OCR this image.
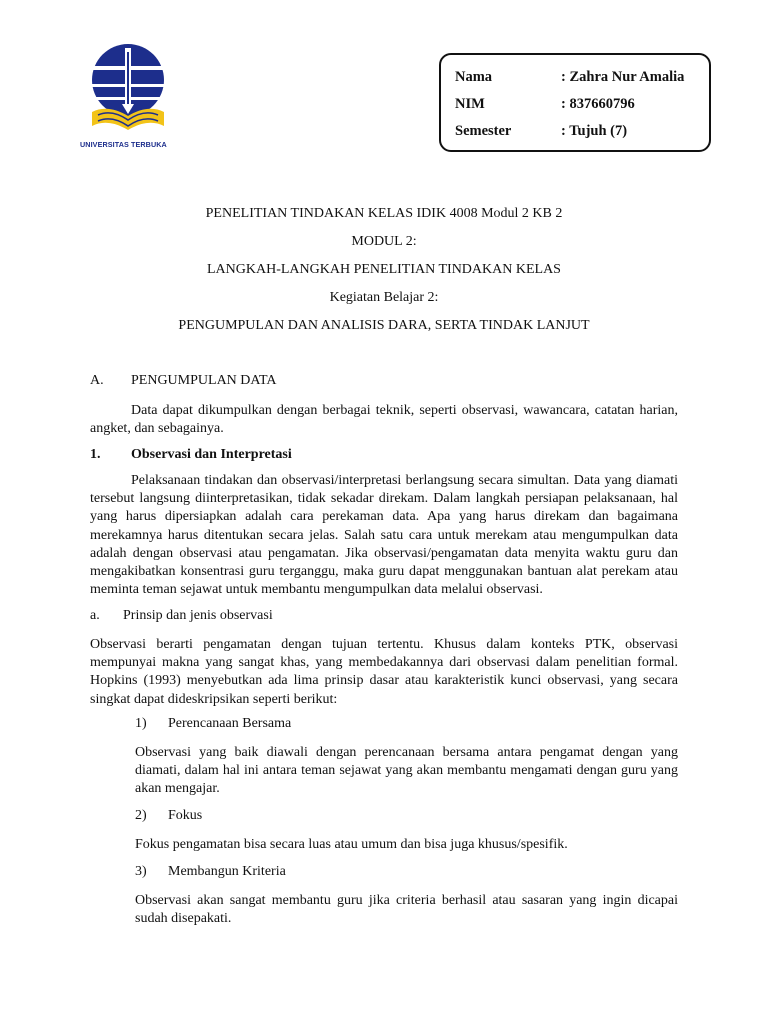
UNIVERSITAS TERBUKA
Nama	: Zahra Nur Amalia
NIM	: 837660796
Semester	: Tujuh (7)
PENELITIAN TINDAKAN KELAS IDIK 4008 Modul 2 KB 2
MODUL 2:
LANGKAH-LANGKAH PENELITIAN TINDAKAN KELAS
Kegiatan Belajar 2:
PENGUMPULAN DAN ANALISIS DARA, SERTA TINDAK LANJUT
A. PENGUMPULAN DATA

Data dapat dikumpulkan dengan berbagai teknik, seperti observasi, wawancara, catatan harian, angket, dan sebagainya.

1. Observasi dan Interpretasi

Pelaksanaan tindakan dan observasi/interpretasi berlangsung secara simultan. Data yang diamati tersebut langsung diinterpretasikan, tidak sekadar direkam. Dalam langkah persiapan pelaksanaan, hal yang harus dipersiapkan adalah cara perekaman data. Apa yang harus direkam dan bagaimana merekamnya harus ditentukan secara jelas. Salah satu cara untuk merekam atau mengumpulkan data adalah dengan observasi atau pengamatan. Jika observasi/pengamatan data menyita waktu guru dan mengakibatkan konsentrasi guru terganggu, maka guru dapat menggunakan bantuan alat perekam atau meminta teman sejawat untuk membantu mengumpulkan data melalui observasi.

a. Prinsip dan jenis observasi

Observasi berarti pengamatan dengan tujuan tertentu. Khusus dalam konteks PTK, observasi mempunyai makna yang sangat khas, yang membedakannya dari observasi dalam penelitian formal. Hopkins (1993) menyebutkan ada lima prinsip dasar atau karakteristik kunci observasi, yang secara singkat dapat dideskripsikan seperti berikut:

1) Perencanaan Bersama

Observasi yang baik diawali dengan perencanaan bersama antara pengamat dengan yang diamati, dalam hal ini antara teman sejawat yang akan membantu mengamati dengan guru yang akan mengajar.

2) Fokus

Fokus pengamatan bisa secara luas atau umum dan bisa juga khusus/spesifik.

3) Membangun Kriteria

Observasi akan sangat membantu guru jika criteria berhasil atau sasaran yang ingin dicapai sudah disepakati.
